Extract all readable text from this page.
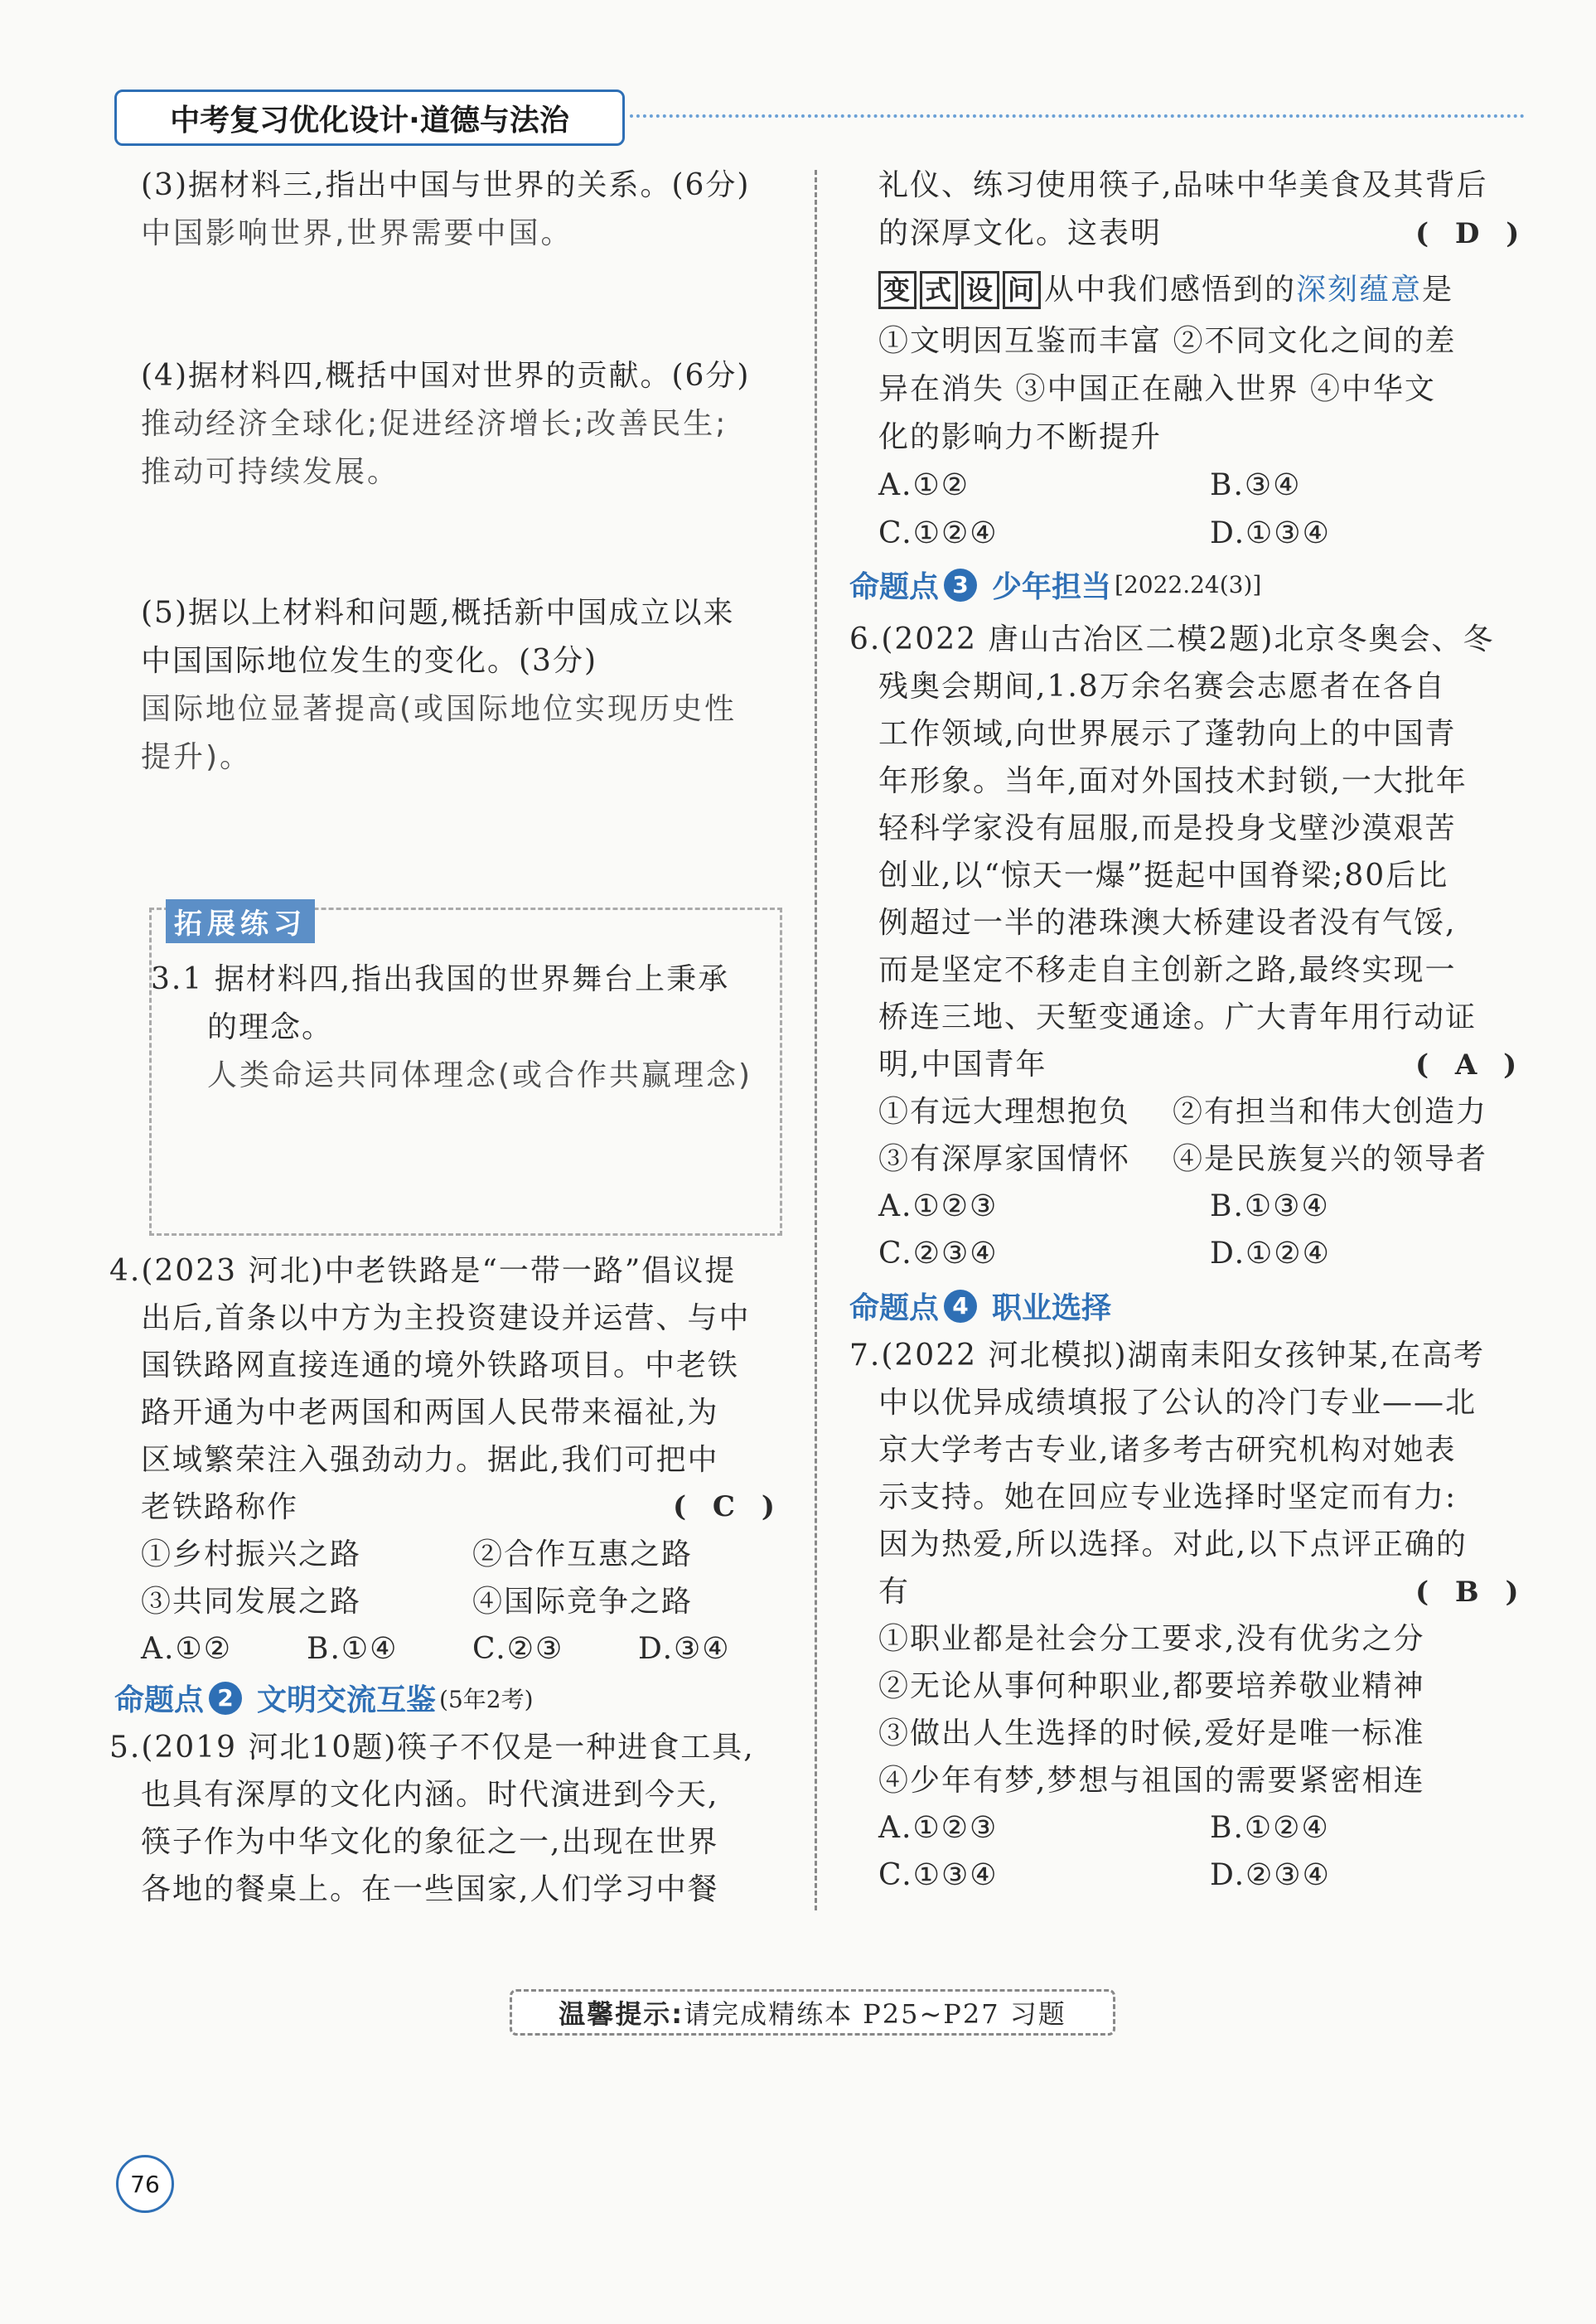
中考复习优化设计·道德与法治
(3)据材料三,指出中国与世界的关系。(6分)
中国影响世界,世界需要中国。
(4)据材料四,概括中国对世界的贡献。(6分)
推动经济全球化;促进经济增长;改善民生;
推动可持续发展。
(5)据以上材料和问题,概括新中国成立以来
中国国际地位发生的变化。(3分)
国际地位显著提高(或国际地位实现历史性
提升)。
拓展练习
3.1 据材料四,指出我国的世界舞台上秉承
的理念。
人类命运共同体理念(或合作共赢理念)
4.(2023 河北)中老铁路是“一带一路”倡议提
出后,首条以中方为主投资建设并运营、与中
国铁路网直接连通的境外铁路项目。中老铁
路开通为中老两国和两国人民带来福祉,为
区域繁荣注入强劲动力。据此,我们可把中
老铁路称作	( C )
①乡村振兴之路	②合作互惠之路
③共同发展之路	④国际竞争之路
A.①②	B.①④ C.②③ D.③④
命题点 2 文明交流互鉴 (5年2考)
5.(2019 河北10题)筷子不仅是一种进食工具,
也具有深厚的文化内涵。时代演进到今天,
筷子作为中华文化的象征之一,出现在世界
各地的餐桌上。在一些国家,人们学习中餐
礼仪、练习使用筷子,品味中华美食及其背后
的深厚文化。这表明	( D )
变 式 设 问 从中我们感悟到的深刻蕴意是
①文明因互鉴而丰富 ②不同文化之间的差
异在消失 ③中国正在融入世界 ④中华文
化的影响力不断提升
A.①②	B.③④
C.①②④	D.①③④
命题点 3 少年担当 [2022.24(3)]
6.(2022 唐山古冶区二模2题)北京冬奥会、冬
残奥会期间,1.8万余名赛会志愿者在各自
工作领域,向世界展示了蓬勃向上的中国青
年形象。当年,面对外国技术封锁,一大批年
轻科学家没有屈服,而是投身戈壁沙漠艰苦
创业,以“惊天一爆”挺起中国脊梁;80后比
例超过一半的港珠澳大桥建设者没有气馁,
而是坚定不移走自主创新之路,最终实现一
桥连三地、天堑变通途。广大青年用行动证
明,中国青年	( A )
①有远大理想抱负 ②有担当和伟大创造力
③有深厚家国情怀 ④是民族复兴的领导者
A.①②③	B.①③④
C.②③④	D.①②④
命题点 4 职业选择
7.(2022 河北模拟)湖南耒阳女孩钟某,在高考
中以优异成绩填报了公认的冷门专业——北
京大学考古专业,诸多考古研究机构对她表
示支持。她在回应专业选择时坚定而有力:
因为热爱,所以选择。对此,以下点评正确的
有	( B )
①职业都是社会分工要求,没有优劣之分
②无论从事何种职业,都要培养敬业精神
③做出人生选择的时候,爱好是唯一标准
④少年有梦,梦想与祖国的需要紧密相连
A.①②③	B.①②④
C.①③④	D.②③④
温馨提示: 请完成精练本 P25~P27 习题
76
